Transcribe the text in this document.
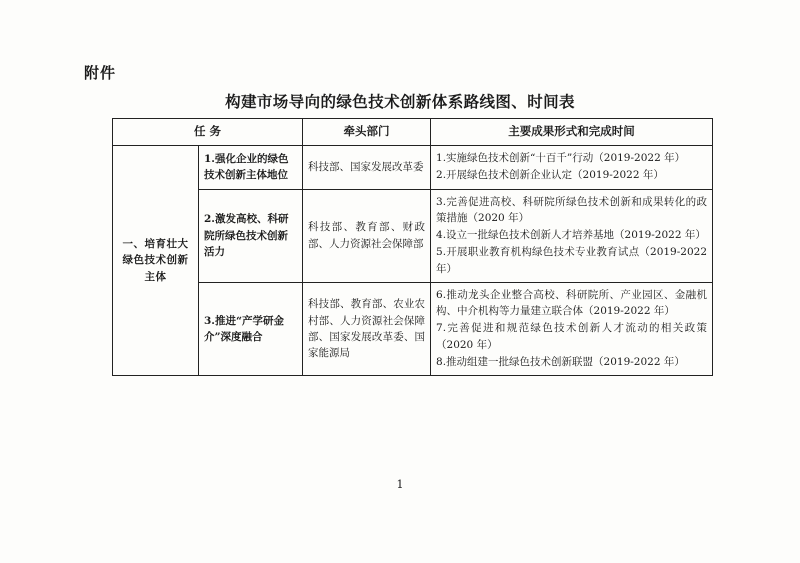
附件
构建市场导向的绿色技术创新体系路线图、时间表
任 务		牵头部门	主要成果形式和完成时间
一、培育壮大绿色技术创新主体	1.强化企业的绿色技术创新主体地位	科技部、国家发展改革委	1.实施绿色技术创新“十百千”行动（2019-2022 年）
2.开展绿色技术创新企业认定（2019-2022 年）

	2.激发高校、科研院所绿色技术创新活力	科技部、教育部、财政部、人力资源社会保障部	3.完善促进高校、科研院所绿色技术创新和成果转化的政策措施（2020 年）
4.设立一批绿色技术创新人才培养基地（2019-2022 年）
5.开展职业教育机构绿色技术专业教育试点（2019-2022 年）

	3.推进“产学研金介”深度融合	科技部、教育部、农业农村部、人力资源社会保障部、国家发展改革委、国家能源局	6.推动龙头企业整合高校、科研院所、产业园区、金融机构、中介机构等力量建立联合体（2019-2022 年）
7.完善促进和规范绿色技术创新人才流动的相关政策（2020 年）
8.推动组建一批绿色技术创新联盟（2019-2022 年）
1
